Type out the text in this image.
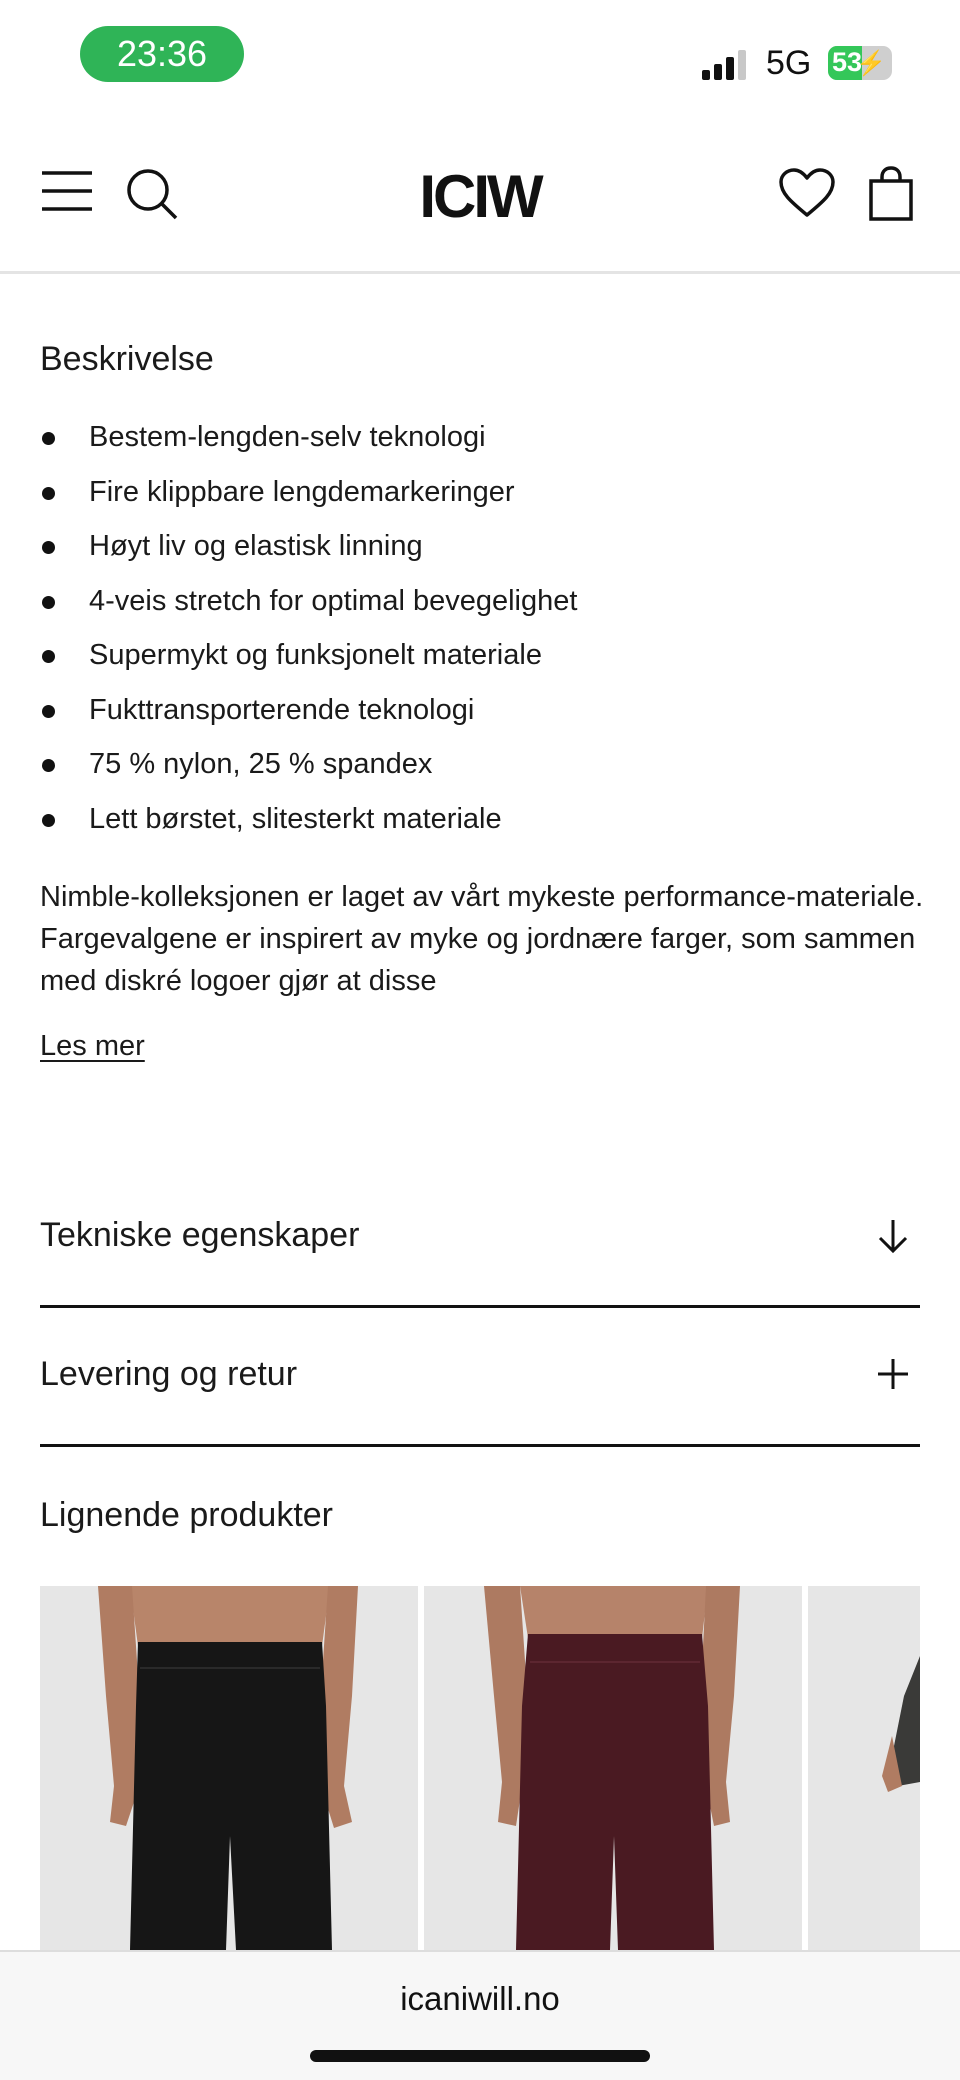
23:36	5G 53
⚡
ICIW
Beskrivelse
Bestem-lengden-selv teknologi
Fire klippbare lengdemarkeringer
Høyt liv og elastisk linning
4-veis stretch for optimal bevegelighet
Supermykt og funksjonelt materiale
Fukttransporterende teknologi
75 % nylon, 25 % spandex
Lett børstet, slitesterkt materiale
Nimble-kolleksjonen er laget av vårt mykeste performance-materiale. Fargevalgene er inspirert av myke og jordnære farger, som sammen med diskré logoer gjør at disse
Les mer
Tekniske egenskaper
Levering og retur
Lignende produkter
icaniwill.no
